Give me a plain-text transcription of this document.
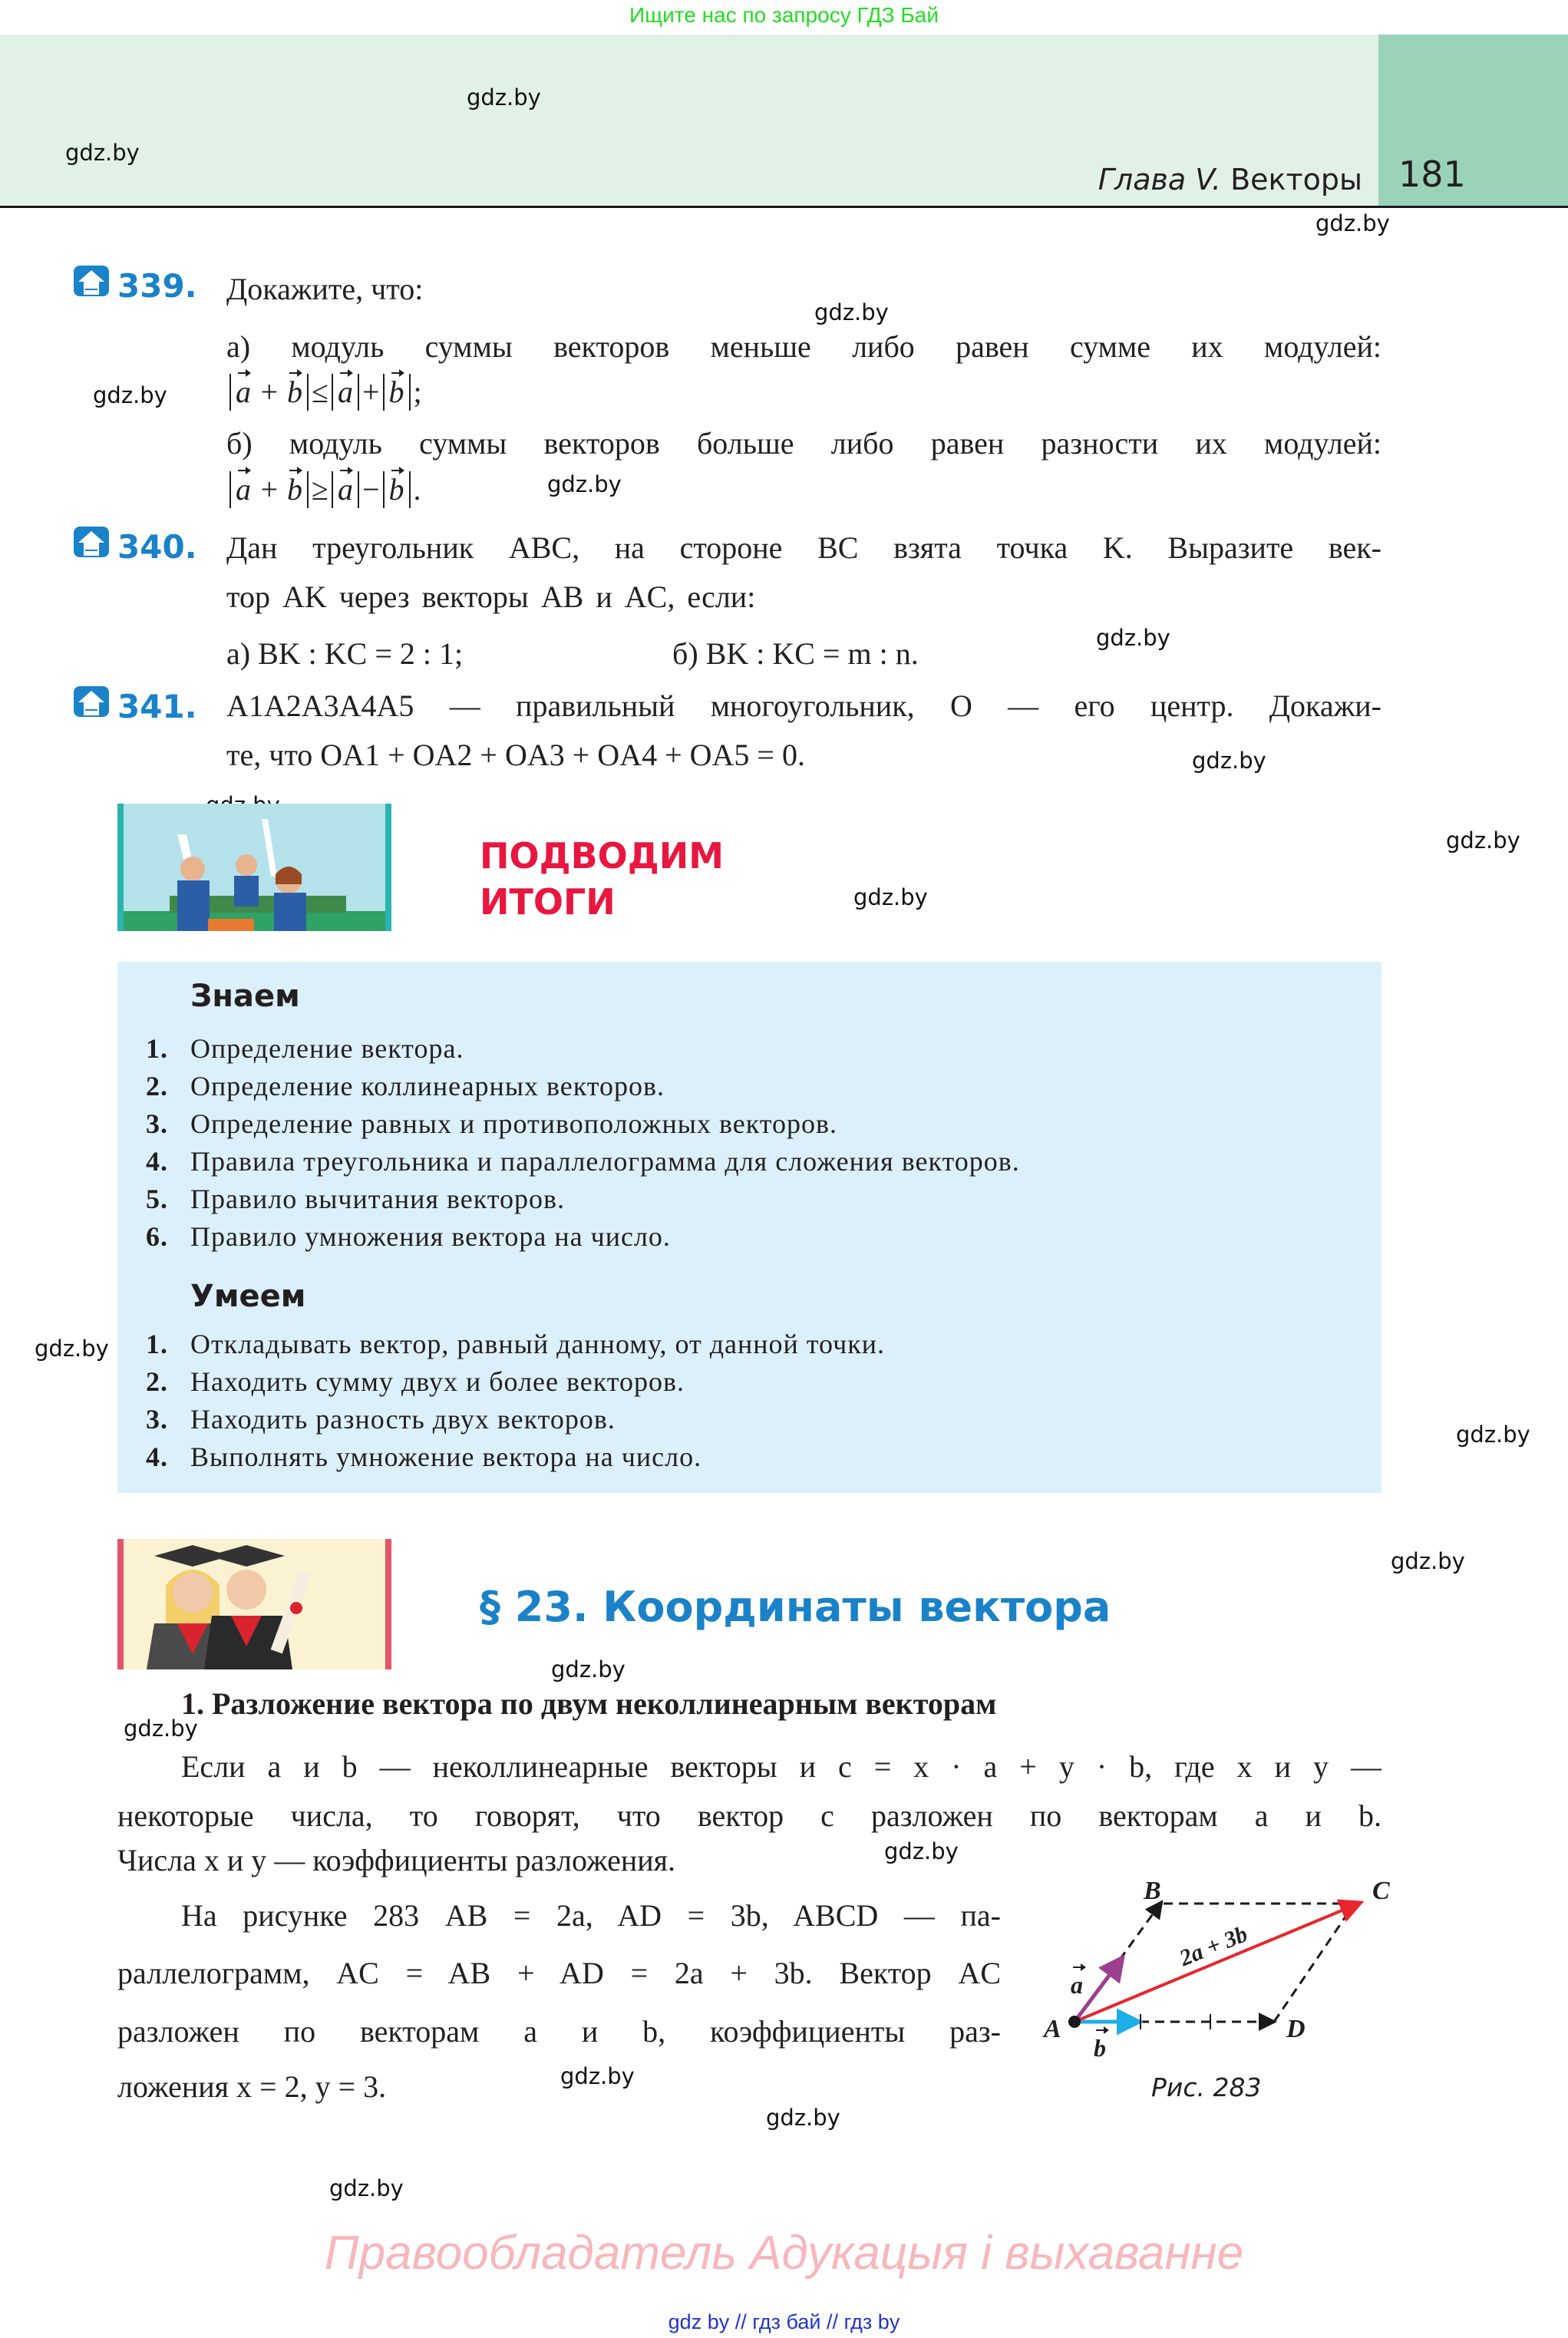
Ищите нас по запросу ГДЗ Бай
Глава V. Векторы 181
gdz.by
gdz.by
gdz.by
gdz.by
gdz.by
gdz.by
gdz.by
gdz.by
gdz.by
gdz.by
gdz.by
gdz.by
gdz.by
gdz.by
gdz.by
gdz.by
gdz.by
gdz.by
gdz.by
339. Докажите, что:
а) модуль суммы векторов меньше либо равен сумме их модулей:
a + b ≤ a + b ;
б) модуль суммы векторов больше либо равен разности их модулей:
a + b ≥ a − b .
340. Дан треугольник ABC, на стороне BC взята точка K. Выразите век-
тор AK через векторы AB и AC, если:
а) BK : KC = 2 : 1;	б) BK : KC = m : n.
341. A1A2A3A4A5 — правильный многоугольник, O — его центр. Докажи-
те, что OA1 + OA2 + OA3 + OA4 + OA5 = 0.
ПОДВОДИМ
ИТОГИ
Знаем
1. Определение вектора.
2. Определение коллинеарных векторов.
3. Определение равных и противоположных векторов.
4. Правила треугольника и параллелограмма для сложения векторов.
5. Правило вычитания векторов.
6. Правило умножения вектора на число.
Умеем
1. Откладывать вектор, равный данному, от данной точки.
2. Находить сумму двух и более векторов.
3. Находить разность двух векторов.
4. Выполнять умножение вектора на число.
§ 23. Координаты вектора
1. Разложение вектора по двум неколлинеарным векторам
Если a и b — неколлинеарные векторы и c = x · a + y · b, где x и y —
некоторые числа, то говорят, что вектор c разложен по векторам a и b.
Числа x и y — коэффициенты разложения.
На рисунке 283 AB = 2a, AD = 3b, ABCD — па-
раллелограмм, AC = AB + AD = 2a + 3b. Вектор AC
разложен по векторам a и b, коэффициенты раз-
ложения x = 2, y = 3.
B	C
A	D
a
b
2a + 3b
Рис. 283
Правообладатель Адукацыя і выхаванне
gdz by // гдз бай // гдз by
